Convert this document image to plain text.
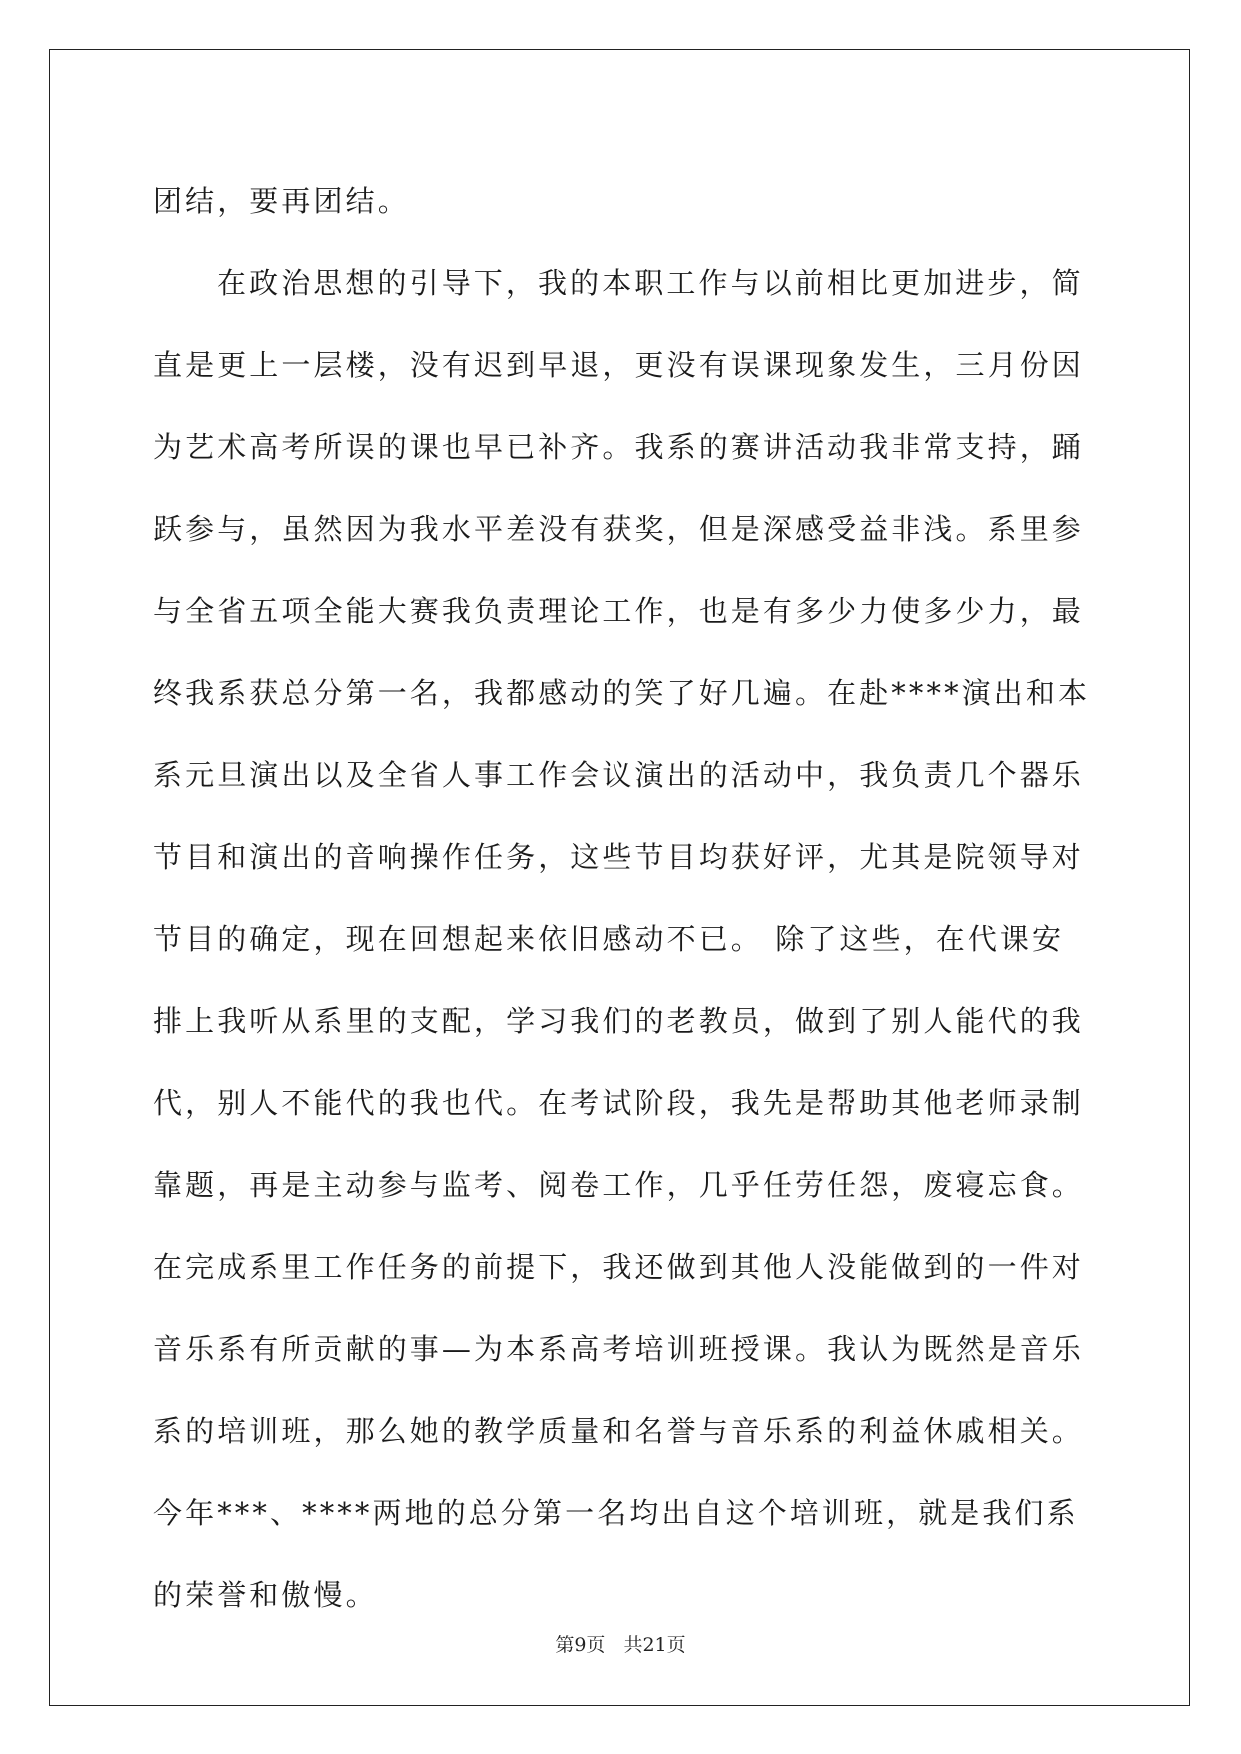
团结，要再团结。

在政治思想的引导下，我的本职工作与以前相比更加进步，简直是更上一层楼，没有迟到早退，更没有误课现象发生，三月份因为艺术高考所误的课也早已补齐。我系的赛讲活动我非常支持，踊跃参与，虽然因为我水平差没有获奖，但是深感受益非浅。系里参与全省五项全能大赛我负责理论工作，也是有多少力使多少力，最终我系获总分第一名，我都感动的笑了好几遍。在赴****演出和本系元旦演出以及全省人事工作会议演出的活动中，我负责几个器乐节目和演出的音响操作任务，这些节目均获好评，尤其是院领导对节目的确定，现在回想起来依旧感动不已。 除了这些，在代课安排上我听从系里的支配，学习我们的老教员，做到了别人能代的我代，别人不能代的我也代。在考试阶段，我先是帮助其他老师录制靠题，再是主动参与监考、阅卷工作，几乎任劳任怨，废寝忘食。在完成系里工作任务的前提下，我还做到其他人没能做到的一件对音乐系有所贡献的事—为本系高考培训班授课。我认为既然是音乐系的培训班，那么她的教学质量和名誉与音乐系的利益休戚相关。今年***、****两地的总分第一名均出自这个培训班，就是我们系的荣誉和傲慢。

第9页 共21页
